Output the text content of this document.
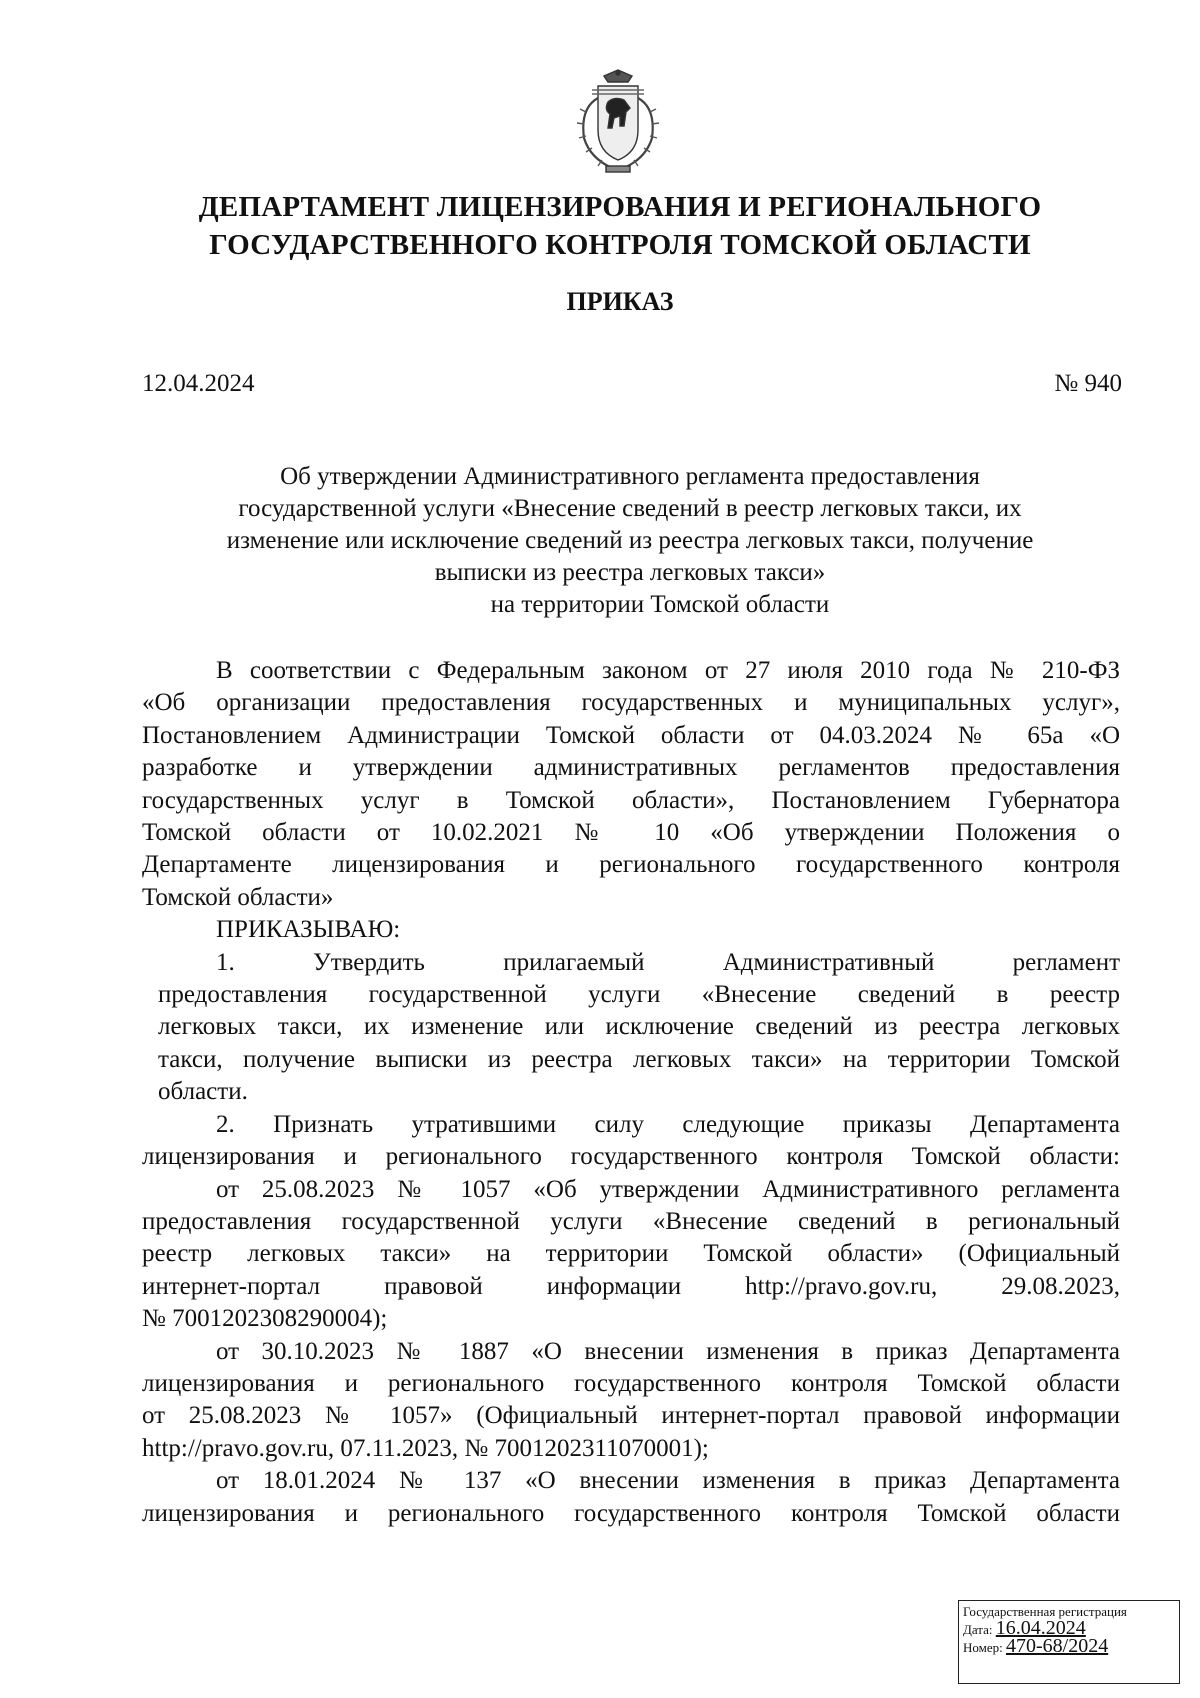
ДЕПАРТАМЕНТ ЛИЦЕНЗИРОВАНИЯ И РЕГИОНАЛЬНОГО
ГОСУДАРСТВЕННОГО КОНТРОЛЯ ТОМСКОЙ ОБЛАСТИ
ПРИКАЗ
12.04.2024	№ 940
Об утверждении Административного регламента предоставления
государственной услуги «Внесение сведений в реестр легковых такси, их
изменение или исключение сведений из реестра легковых такси, получение
выписки из реестра легковых такси»
на территории Томской области
В соответствии с Федеральным законом от 27 июля 2010 года № 210-ФЗ
«Об организации предоставления государственных и муниципальных услуг»,
Постановлением Администрации Томской области от 04.03.2024 № 65а «О
разработке и утверждении административных регламентов предоставления
государственных услуг в Томской области», Постановлением Губернатора
Томской области от 10.02.2021 № 10 «Об утверждении Положения о
Департаменте лицензирования и регионального государственного контроля
Томской области»
ПРИКАЗЫВАЮ:
1. Утвердить прилагаемый Административный регламент
предоставления государственной услуги «Внесение сведений в реестр
легковых такси, их изменение или исключение сведений из реестра легковых
такси, получение выписки из реестра легковых такси» на территории Томской
области.
2. Признать утратившими силу следующие приказы Департамента
лицензирования и регионального государственного контроля Томской области:
от 25.08.2023 № 1057 «Об утверждении Административного регламента
предоставления государственной услуги «Внесение сведений в региональный
реестр легковых такси» на территории Томской области» (Официальный
интернет-портал правовой информации http://pravo.gov.ru, 29.08.2023,
№ 7001202308290004);
от 30.10.2023 № 1887 «О внесении изменения в приказ Департамента
лицензирования и регионального государственного контроля Томской области
от 25.08.2023 № 1057» (Официальный интернет-портал правовой информации
http://pravo.gov.ru, 07.11.2023, № 7001202311070001);
от 18.01.2024 № 137 «О внесении изменения в приказ Департамента
лицензирования и регионального государственного контроля Томской области
Государственная регистрация
Дата: 16.04.2024
Номер: 470-68/2024
